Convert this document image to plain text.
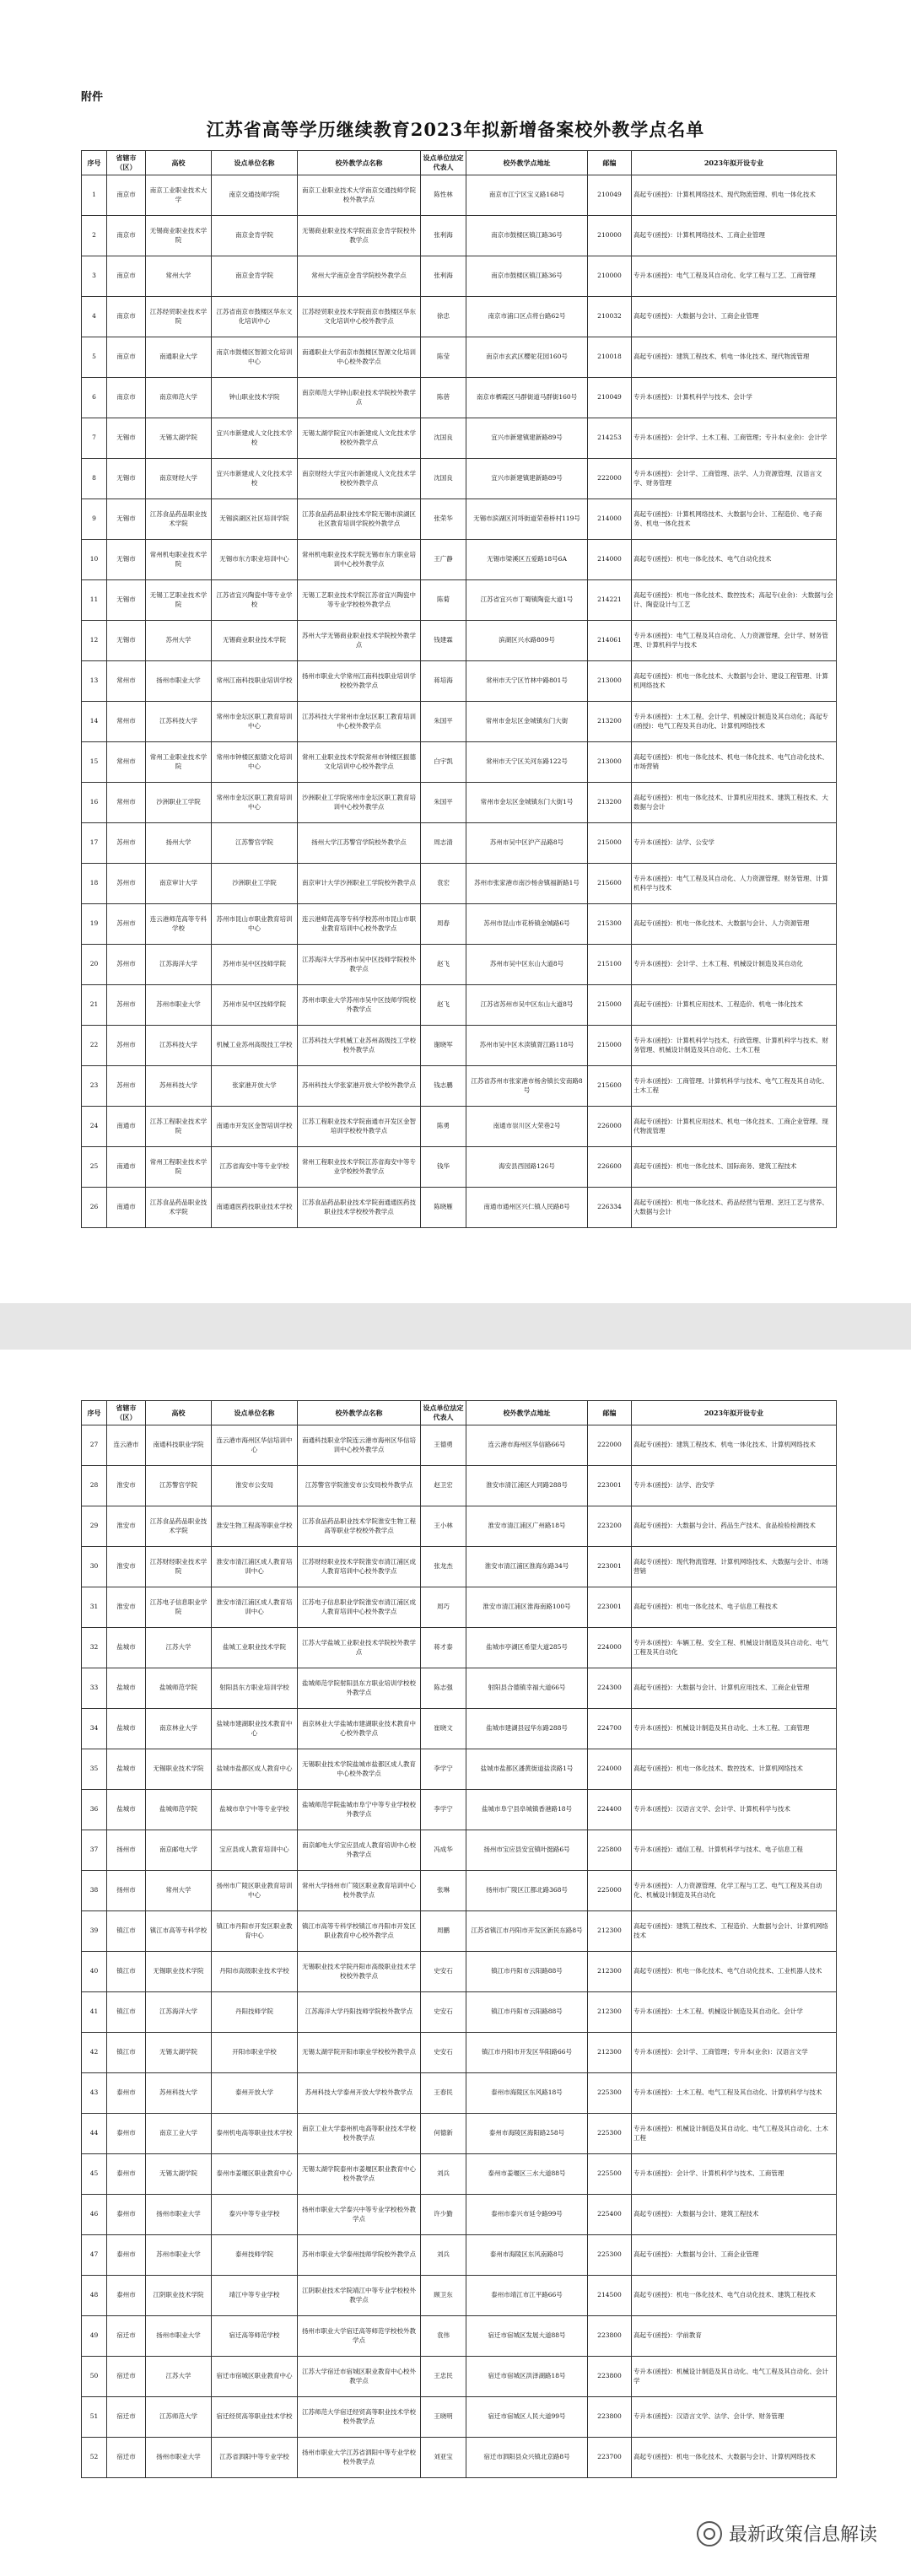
附件
江苏省高等学历继续教育2023年拟新增备案校外教学点名单
序号	省辖市（区）	高校	设点单位名称	校外教学点名称	设点单位法定代表人	校外教学点地址	邮编	2023年拟开设专业
1	南京市	南京工业职业技术大学	南京交通技师学院	南京工业职业技术大学南京交通技师学院校外教学点	陈性林	南京市江宁区宝义路168号	210049	高起专(函授)：计算机网络技术、现代物流管理、机电一体化技术
2	南京市	无锡商业职业技术学院	南京金肯学院	无锡商业职业技术学院南京金肯学院校外教学点	张利海	南京市鼓楼区镇江路36号	210000	高起专(函授)：计算机网络技术、工商企业管理
3	南京市	常州大学	南京金肯学院	常州大学南京金肯学院校外教学点	张利海	南京市鼓楼区镇江路36号	210000	专升本(函授)：电气工程及其自动化、化学工程与工艺、工商管理
4	南京市	江苏经贸职业技术学院	江苏省南京市鼓楼区华东文化培训中心	江苏经贸职业技术学院南京市鼓楼区华东文化培训中心校外教学点	徐忠	南京市浦口区点将台路62号	210032	高起专(函授)：大数据与会计、工商企业管理
5	南京市	南通职业大学	南京市鼓楼区智源文化培训中心	南通职业大学南京市鼓楼区智源文化培训中心校外教学点	陈莹	南京市玄武区樱驼花园160号	210018	高起专(函授)：建筑工程技术、机电一体化技术、现代物流管理
6	南京市	南京师范大学	钟山职业技术学院	南京师范大学钟山职业技术学院校外教学点	陈蓓	南京市栖霞区马群街道马群街160号	210049	专升本(函授)：计算机科学与技术、会计学
7	无锡市	无锡太湖学院	宜兴市新建成人文化技术学校	无锡太湖学院宜兴市新建成人文化技术学校校外教学点	沈国良	宜兴市新建镇建新路89号	214253	专升本(函授)：会计学、土木工程、工商管理；专升本(业余)：会计学
8	无锡市	南京财经大学	宜兴市新建成人文化技术学校	南京财经大学宜兴市新建成人文化技术学校校外教学点	沈国良	宜兴市新建镇建新路89号	222000	专升本(函授)：会计学、工商管理、法学、人力资源管理、汉语言文学、财务管理
9	无锡市	江苏食品药品职业技术学院	无锡滨湖区社区培训学院	江苏食品药品职业技术学院无锡市滨湖区社区教育培训学院校外教学点	张荣华	无锡市滨湖区河埒街道荣巷桥村119号	214000	高起专(函授)：计算机网络技术、大数据与会计、工程造价、电子商务、机电一体化技术
10	无锡市	常州机电职业技术学院	无锡市东方职业培训中心	常州机电职业技术学院无锡市东方职业培训中心校外教学点	王广静	无锡市梁溪区五爱路18号6A	214000	高起专(函授)：机电一体化技术、电气自动化技术
11	无锡市	无锡工艺职业技术学院	江苏省宜兴陶瓷中等专业学校	无锡工艺职业技术学院江苏省宜兴陶瓷中等专业学校校外教学点	陈菊	江苏省宜兴市丁蜀镇陶瓷大道1号	214221	高起专(函授)：机电一体化技术、数控技术；高起专(业余)：大数据与会计、陶瓷设计与工艺
12	无锡市	苏州大学	无锡商业职业技术学院	苏州大学无锡商业职业技术学院校外教学点	钱建霖	滨湖区兴水路809号	214061	专升本(函授)：电气工程及其自动化、人力资源管理、会计学、财务管理、计算机科学与技术
13	常州市	扬州市职业大学	常州江南科技职业培训学校	扬州市职业大学常州江南科技职业培训学校校外教学点	蒋培海	常州市天宁区竹林中路801号	213000	高起专(函授)：机电一体化技术、大数据与会计、建设工程管理、计算机网络技术
14	常州市	江苏科技大学	常州市金坛区职工教育培训中心	江苏科技大学常州市金坛区职工教育培训中心校外教学点	朱国平	常州市金坛区金城镇东门大街	213200	专升本(函授)：土木工程、会计学、机械设计制造及其自动化；高起专(函授)：电气工程及其自动化、计算机网络技术
15	常州市	常州工业职业技术学院	常州市钟楼区振德文化培训中心	常州工业职业技术学院常州市钟楼区振德文化培训中心校外教学点	白宇凯	常州市天宁区关河东路122号	213000	高起专(函授)：机电一体化技术、机电一体化技术、电气自动化技术、市场营销
16	常州市	沙洲职业工学院	常州市金坛区职工教育培训中心	沙洲职业工学院常州市金坛区职工教育培训中心校外教学点	朱国平	常州市金坛区金城镇东门大街1号	213200	高起专(函授)：机电一体化技术、计算机应用技术、建筑工程技术、大数据与会计
17	苏州市	扬州大学	江苏警官学院	扬州大学江苏警官学院校外教学点	周志清	苏州市吴中区沪产品路8号	215000	专升本(函授)：法学、公安学
18	苏州市	南京审计大学	沙洲职业工学院	南京审计大学沙洲职业工学院校外教学点	袁宏	苏州市张家港市南沙杨舍镇福新路1号	215600	专升本(函授)：电气工程及其自动化、人力资源管理、财务管理、计算机科学与技术
19	苏州市	连云港师范高等专科学校	苏州市昆山市职业教育培训中心	连云港师范高等专科学校苏州市昆山市职业教育培训中心校外教学点	周春	苏州市昆山市花桥镇金城路6号	215300	高起专(函授)：机电一体化技术、大数据与会计、人力资源管理
20	苏州市	江苏海洋大学	苏州市吴中区技师学院	江苏海洋大学苏州市吴中区技师学院校外教学点	赵飞	苏州市吴中区东山大道8号	215100	专升本(函授)：会计学、土木工程、机械设计制造及其自动化
21	苏州市	苏州市职业大学	苏州市吴中区技师学院	苏州市职业大学苏州市吴中区技师学院校外教学点	赵飞	江苏省苏州市吴中区东山大道8号	215000	高起专(函授)：计算机应用技术、工程造价、机电一体化技术
22	苏州市	江苏科技大学	机械工业苏州高级技工学校	江苏科技大学机械工业苏州高级技工学校校外教学点	谢晓军	苏州市吴中区木渎镇胥江路118号	215000	专升本(函授)：计算机科学与技术、行政管理、计算机科学与技术、财务管理、机械设计制造及其自动化、土木工程
23	苏州市	苏州科技大学	张家港开放大学	苏州科技大学张家港开放大学校外教学点	钱志鹏	江苏省苏州市张家港市杨舍镇长安南路8号	215600	专升本(函授)：工商管理、计算机科学与技术、电气工程及其自动化、土木工程
24	南通市	江苏工程职业技术学院	南通市开发区金智培训学校	江苏工程职业技术学院南通市开发区金智培训学校校外教学点	陈勇	南通市崇川区大荣巷2号	226000	高起专(函授)：计算机应用技术、机电一体化技术、工商企业管理、现代物流管理
25	南通市	常州工程职业技术学院	江苏省海安中等专业学校	常州工程职业技术学院江苏省海安中等专业学校校外教学点	钱华	海安县西园路126号	226600	高起专(函授)：机电一体化技术、国际商务、建筑工程技术
26	南通市	江苏食品药品职业技术学院	南通通医药技职业技术学校	江苏食品药品职业技术学院南通通医药技职业技术学校校外教学点	陈晓雁	南通市通州区兴仁镇人民路8号	226334	高起专(函授)：机电一体化技术、药品经营与管理、烹饪工艺与营养、大数据与会计
序号	省辖市（区）	高校	设点单位名称	校外教学点名称	设点单位法定代表人	校外教学点地址	邮编	2023年拟开设专业
27	连云港市	南通科技职业学院	连云港市海州区华信培训中心	南通科技职业学院连云港市海州区华信培训中心校外教学点	王德勇	连云港市海州区华信路66号	222000	高起专(函授)：建筑工程技术、机电一体化技术、计算机网络技术
28	淮安市	江苏警官学院	淮安市公安局	江苏警官学院淮安市公安局校外教学点	赵卫宏	淮安市清江浦区大同路288号	223001	专升本(函授)：法学、治安学
29	淮安市	江苏食品药品职业技术学院	淮安生物工程高等职业学校	江苏食品药品职业技术学院淮安生物工程高等职业学校校外教学点	王小林	淮安市清江浦区广州路18号	223200	高起专(函授)：大数据与会计、药品生产技术、食品检验检测技术
30	淮安市	江苏财经职业技术学院	淮安市清江浦区成人教育培训中心	江苏财经职业技术学院淮安市清江浦区成人教育培训中心校外教学点	张龙杰	淮安市清江浦区淮海东路34号	223001	高起专(函授)：现代物流管理、计算机网络技术、大数据与会计、市场营销
31	淮安市	江苏电子信息职业学院	淮安市清江浦区成人教育培训中心	江苏电子信息职业学院淮安市清江浦区成人教育培训中心校外教学点	周巧	淮安市清江浦区淮海南路100号	223001	高起专(函授)：机电一体化技术、电子信息工程技术
32	盐城市	江苏大学	盐城工业职业技术学院	江苏大学盐城工业职业技术学院校外教学点	蒋才泰	盐城市亭湖区希望大道285号	224000	专升本(函授)：车辆工程、安全工程、机械设计制造及其自动化、电气工程及其自动化
33	盐城市	盐城师范学院	射阳县东方职业培训学校	盐城师范学院射阳县东方职业培训学校校外教学点	陈志强	射阳县合德镇幸福大道66号	224300	高起专(函授)：大数据与会计、计算机应用技术、工商企业管理
34	盐城市	南京林业大学	盐城市建湖职业技术教育中心	南京林业大学盐城市建湖职业技术教育中心校外教学点	崔晓文	盐城市建湖县冠华东路288号	224700	专升本(函授)：机械设计制造及其自动化、土木工程、工商管理
35	盐城市	无锡职业技术学院	盐城市盐都区成人教育中心	无锡职业技术学院盐城市盐都区成人教育中心校外教学点	李学宁	盐城市盐都区潘黄街道盐渎路1号	224000	高起专(函授)：机电一体化技术、数控技术、计算机网络技术
36	盐城市	盐城师范学院	盐城市阜宁中等专业学校	盐城师范学院盐城市阜宁中等专业学校校外教学点	李学宁	盐城市阜宁县阜城镇香港路18号	224400	专升本(函授)：汉语言文学、会计学、计算机科学与技术
37	扬州市	南京邮电大学	宝应县成人教育培训中心	南京邮电大学宝应县成人教育培训中心校外教学点	冯成华	扬州市宝应县安宜镇叶挺路6号	225800	专升本(函授)：通信工程、计算机科学与技术、电子信息工程
38	扬州市	常州大学	扬州市广陵区职业教育培训中心	常州大学扬州市广陵区职业教育培训中心校外教学点	张琳	扬州市广陵区江都北路368号	225000	专升本(函授)：人力资源管理、化学工程与工艺、电气工程及其自动化、机械设计制造及其自动化
39	镇江市	镇江市高等专科学校	镇江市丹阳市开发区职业教育中心	镇江市高等专科学校镇江市丹阳市开发区职业教育中心校外教学点	周鹏	江苏省镇江市丹阳市开发区新民东路8号	212300	高起专(函授)：建筑工程技术、工程造价、大数据与会计、计算机网络技术
40	镇江市	无锡职业技术学院	丹阳市高级职业技术学校	无锡职业技术学院丹阳市高级职业技术学校校外教学点	史安石	镇江市丹阳市云阳路88号	212300	高起专(函授)：机电一体化技术、电气自动化技术、工业机器人技术
41	镇江市	江苏海洋大学	丹阳技师学院	江苏海洋大学丹阳技师学院校外教学点	史安石	镇江市丹阳市云阳路88号	212300	专升本(函授)：土木工程、机械设计制造及其自动化、会计学
42	镇江市	无锡太湖学院	开阳市职业学校	无锡太湖学院开阳市职业学校校外教学点	史安石	镇江市丹阳市开发区华阳路66号	212300	专升本(函授)：会计学、工商管理；专升本(业余)：汉语言文学
43	泰州市	苏州科技大学	泰州开放大学	苏州科技大学泰州开放大学校外教学点	王春民	泰州市海陵区东风路18号	225300	专升本(函授)：土木工程、电气工程及其自动化、计算机科学与技术
44	泰州市	南京工业大学	泰州机电高等职业技术学校	南京工业大学泰州机电高等职业技术学校校外教学点	何德新	泰州市海陵区海阳路258号	225300	专升本(函授)：机械设计制造及其自动化、电气工程及其自动化、土木工程
45	泰州市	无锡太湖学院	泰州市姜堰区职业教育中心	无锡太湖学院泰州市姜堰区职业教育中心校外教学点	刘兵	泰州市姜堰区三水大道88号	225500	专升本(函授)：会计学、计算机科学与技术、工商管理
46	泰州市	扬州市职业大学	泰兴中等专业学校	扬州市职业大学泰兴中等专业学校校外教学点	许少勤	泰州市泰兴市延令路99号	225400	高起专(函授)：大数据与会计、建筑工程技术
47	泰州市	苏州市职业大学	泰州技师学院	苏州市职业大学泰州技师学院校外教学点	刘兵	泰州市海陵区东风南路8号	225300	高起专(函授)：大数据与会计、工商企业管理
48	泰州市	江阴职业技术学院	靖江中等专业学校	江阴职业技术学院靖江中等专业学校校外教学点	顾卫东	泰州市靖江市江平路66号	214500	高起专(函授)：机电一体化技术、电气自动化技术、建筑工程技术
49	宿迁市	扬州市职业大学	宿迁高等师范学校	扬州市职业大学宿迁高等师范学校校外教学点	袁伟	宿迁市宿城区发展大道88号	223800	高起专(函授)：学前教育
50	宿迁市	江苏大学	宿迁市宿城区职业教育中心	江苏大学宿迁市宿城区职业教育中心校外教学点	王忠民	宿迁市宿城区洪泽湖路18号	223800	专升本(函授)：机械设计制造及其自动化、电气工程及其自动化、会计学
51	宿迁市	江苏师范大学	宿迁经贸高等职业技术学校	江苏师范大学宿迁经贸高等职业技术学校校外教学点	王晓明	宿迁市宿城区人民大道99号	223800	专升本(函授)：汉语言文学、法学、会计学、财务管理
52	宿迁市	扬州市职业大学	江苏省泗阳中等专业学校	扬州市职业大学江苏省泗阳中等专业学校校外教学点	刘亚宝	宿迁市泗阳县众兴镇北京路8号	223700	高起专(函授)：机电一体化技术、大数据与会计、计算机网络技术
最新政策信息解读
